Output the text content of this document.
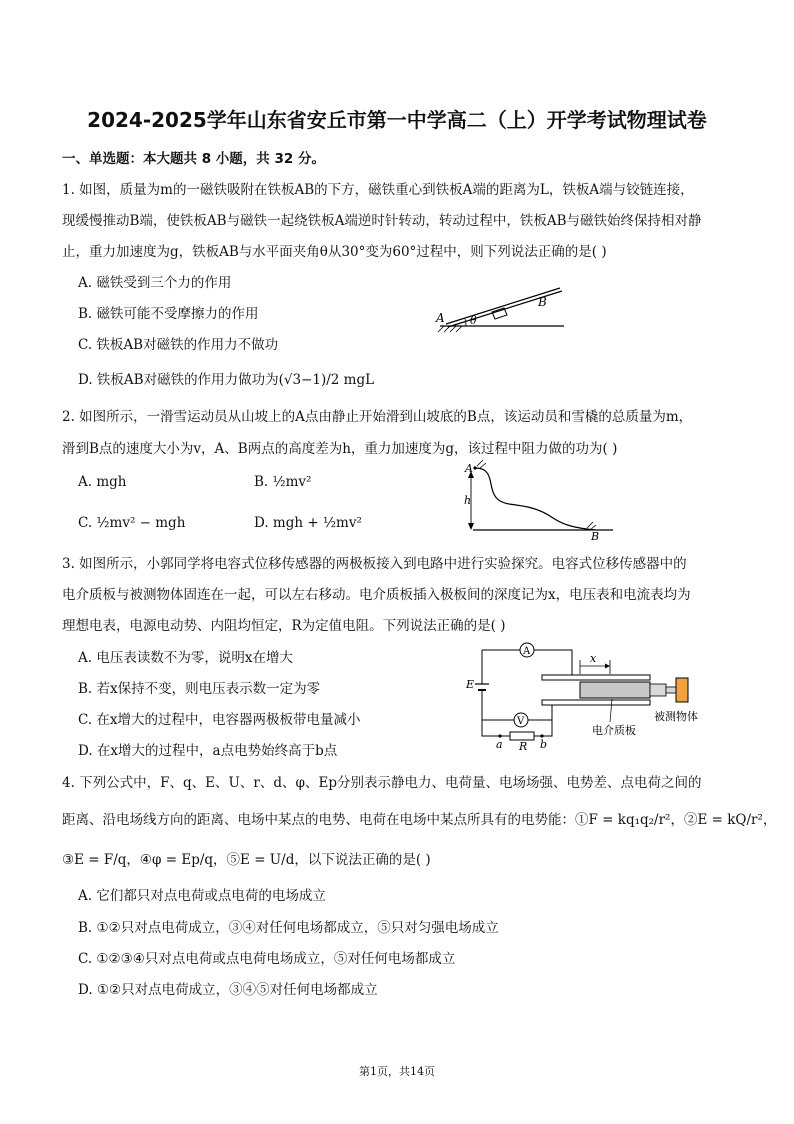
2024-2025学年山东省安丘市第一中学高二（上）开学考试物理试卷
一、单选题：本大题共 8 小题，共 32 分。
1. 如图，质量为m的一磁铁吸附在铁板AB的下方，磁铁重心到铁板A端的距离为L，铁板A端与铰链连接，
现缓慢推动B端，使铁板AB与磁铁一起绕铁板A端逆时针转动，转动过程中，铁板AB与磁铁始终保持相对静
止，重力加速度为g，铁板AB与水平面夹角θ从30°变为60°过程中，则下列说法正确的是( )
A. 磁铁受到三个力的作用
B. 磁铁可能不受摩擦力的作用
C. 铁板AB对磁铁的作用力不做功
D. 铁板AB对磁铁的作用力做功为(√3−1)/2 mgL
θ
A
B
2. 如图所示，一滑雪运动员从山坡上的A点由静止开始滑到山坡底的B点，该运动员和雪橇的总质量为m，
滑到B点的速度大小为v，A、B两点的高度差为h，重力加速度为g，该过程中阻力做的功为( )
A. mgh	B. ½mv²
C. ½mv² − mgh	D. mgh + ½mv²
A
h
B
3. 如图所示，小郭同学将电容式位移传感器的两极板接入到电路中进行实验探究。电容式位移传感器中的
电介质板与被测物体固连在一起，可以左右移动。电介质板插入极板间的深度记为x，电压表和电流表均为
理想电表，电源电动势、内阻均恒定，R为定值电阻。下列说法正确的是( )
A. 电压表读数不为零，说明x在增大
B. 若x保持不变，则电压表示数一定为零
C. 在x增大的过程中，电容器两极板带电量减小
D. 在x增大的过程中，a点电势始终高于b点
A
V
x
E
a R b
电介质板
被测物体
4. 下列公式中，F、q、E、U、r、d、φ、Ep分别表示静电力、电荷量、电场场强、电势差、点电荷之间的
距离、沿电场线方向的距离、电场中某点的电势、电荷在电场中某点所具有的电势能：①F = kq₁q₂/r²，②E = kQ/r²，
③E = F/q，④φ = Ep/q，⑤E = U/d，以下说法正确的是( )
A. 它们都只对点电荷或点电荷的电场成立
B. ①②只对点电荷成立，③④对任何电场都成立，⑤只对匀强电场成立
C. ①②③④只对点电荷或点电荷电场成立，⑤对任何电场都成立
D. ①②只对点电荷成立，③④⑤对任何电场都成立
第1页，共14页
